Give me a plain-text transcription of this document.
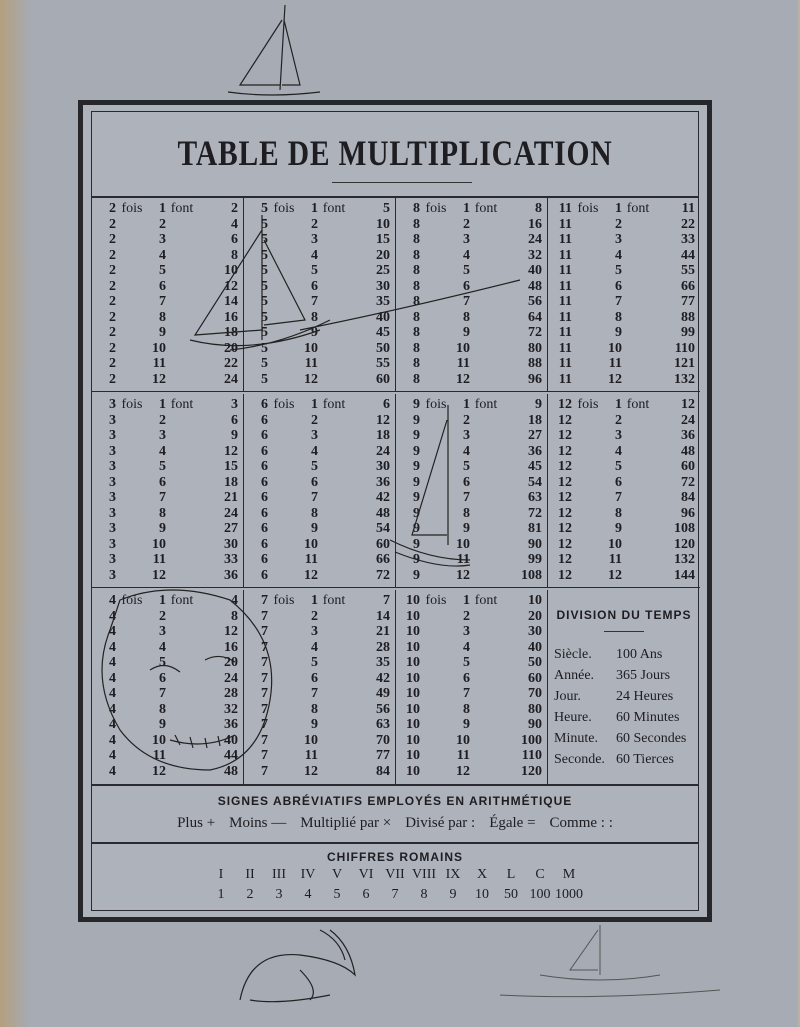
TABLE DE MULTIPLICATION
2 fois	1 font	2
2	2	4
2	3	6
2	4	8
2	5	10
2	6	12
2	7	14
2	8	16
2	9	18
2	10	20
2	11	22
2	12	24
5 fois	1 font	5
5	2	10
5	3	15
5	4	20
5	5	25
5	6	30
5	7	35
5	8	40
5	9	45
5	10	50
5	11	55
5	12	60
8 fois	1 font	8
8	2	16
8	3	24
8	4	32
8	5	40
8	6	48
8	7	56
8	8	64
8	9	72
8	10	80
8	11	88
8	12	96
11 fois	1 font	11
11	2	22
11	3	33
11	4	44
11	5	55
11	6	66
11	7	77
11	8	88
11	9	99
11	10	110
11	11	121
11	12	132
3 fois	1 font	3
3	2	6
3	3	9
3	4	12
3	5	15
3	6	18
3	7	21
3	8	24
3	9	27
3	10	30
3	11	33
3	12	36
6 fois	1 font	6
6	2	12
6	3	18
6	4	24
6	5	30
6	6	36
6	7	42
6	8	48
6	9	54
6	10	60
6	11	66
6	12	72
9 fois	1 font	9
9	2	18
9	3	27
9	4	36
9	5	45
9	6	54
9	7	63
9	8	72
9	9	81
9	10	90
9	11	99
9	12	108
12 fois	1 font	12
12	2	24
12	3	36
12	4	48
12	5	60
12	6	72
12	7	84
12	8	96
12	9	108
12	10	120
12	11	132
12	12	144
4 fois	1 font	4
4	2	8
4	3	12
4	4	16
4	5	20
4	6	24
4	7	28
4	8	32
4	9	36
4	10	40
4	11	44
4	12	48
7 fois	1 font	7
7	2	14
7	3	21
7	4	28
7	5	35
7	6	42
7	7	49
7	8	56
7	9	63
7	10	70
7	11	77
7	12	84
10 fois	1 font	10
10	2	20
10	3	30
10	4	40
10	5	50
10	6	60
10	7	70
10	8	80
10	9	90
10	10	100
10	11	110
10	12	120
DIVISION DU TEMPS
Siècle.	100 Ans
Année.	365 Jours
Jour.	24 Heures
Heure.	60 Minutes
Minute.	60 Secondes
Seconde. 60 Tierces
SIGNES ABRÉVIATIFS EMPLOYÉS EN ARITHMÉTIQUE
Plus + Moins — Multiplié par × Divisé par : Égale = Comme : :
CHIFFRES ROMAINS
I	II	III	IV	V	VI VII VIII IX	X	L	C	M
1	2	3	4	5	6	7	8	9	10	50 100 1000
